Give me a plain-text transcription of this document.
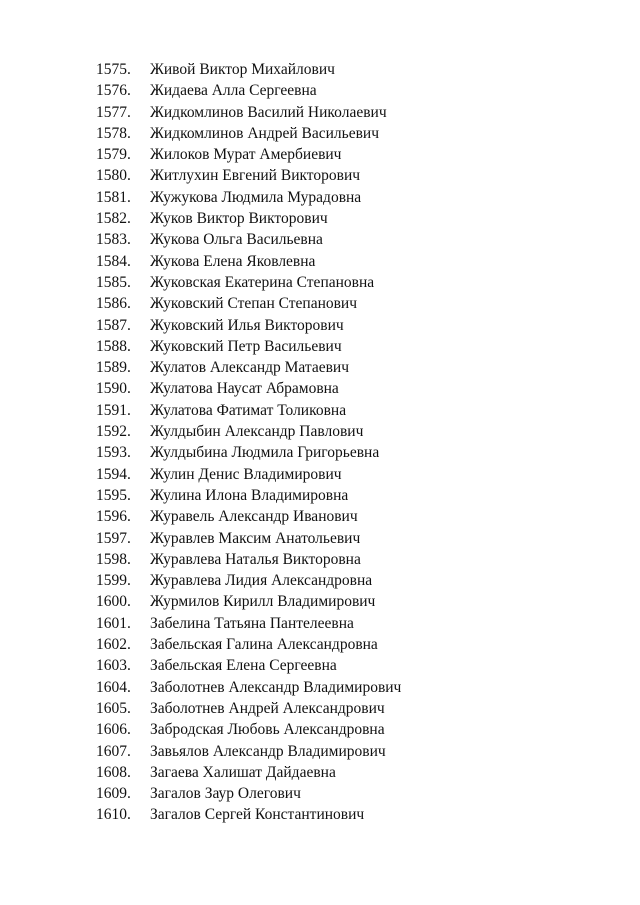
1575. Живой Виктор Михайлович
1576. Жидаева Алла Сергеевна
1577. Жидкомлинов Василий Николаевич
1578. Жидкомлинов Андрей Васильевич
1579. Жилоков Мурат Амербиевич
1580. Житлухин Евгений Викторович
1581. Жужукова Людмила Мурадовна
1582. Жуков Виктор Викторович
1583. Жукова Ольга Васильевна
1584. Жукова Елена Яковлевна
1585. Жуковская Екатерина Степановна
1586. Жуковский Степан Степанович
1587. Жуковский Илья Викторович
1588. Жуковский Петр Васильевич
1589. Жулатов Александр Матаевич
1590. Жулатова Наусат Абрамовна
1591. Жулатова Фатимат Толиковна
1592. Жулдыбин Александр Павлович
1593. Жулдыбина Людмила Григорьевна
1594. Жулин Денис Владимирович
1595. Жулина Илона Владимировна
1596. Журавель Александр Иванович
1597. Журавлев Максим Анатольевич
1598. Журавлева Наталья Викторовна
1599. Журавлева Лидия Александровна
1600. Журмилов Кирилл Владимирович
1601. Забелина Татьяна Пантелеевна
1602. Забельская Галина Александровна
1603. Забельская Елена Сергеевна
1604. Заболотнев Александр Владимирович
1605. Заболотнев Андрей Александрович
1606. Забродская Любовь Александровна
1607. Завьялов Александр Владимирович
1608. Загаева Халишат Дайдаевна
1609. Загалов Заур Олегович
1610. Загалов Сергей Константинович
